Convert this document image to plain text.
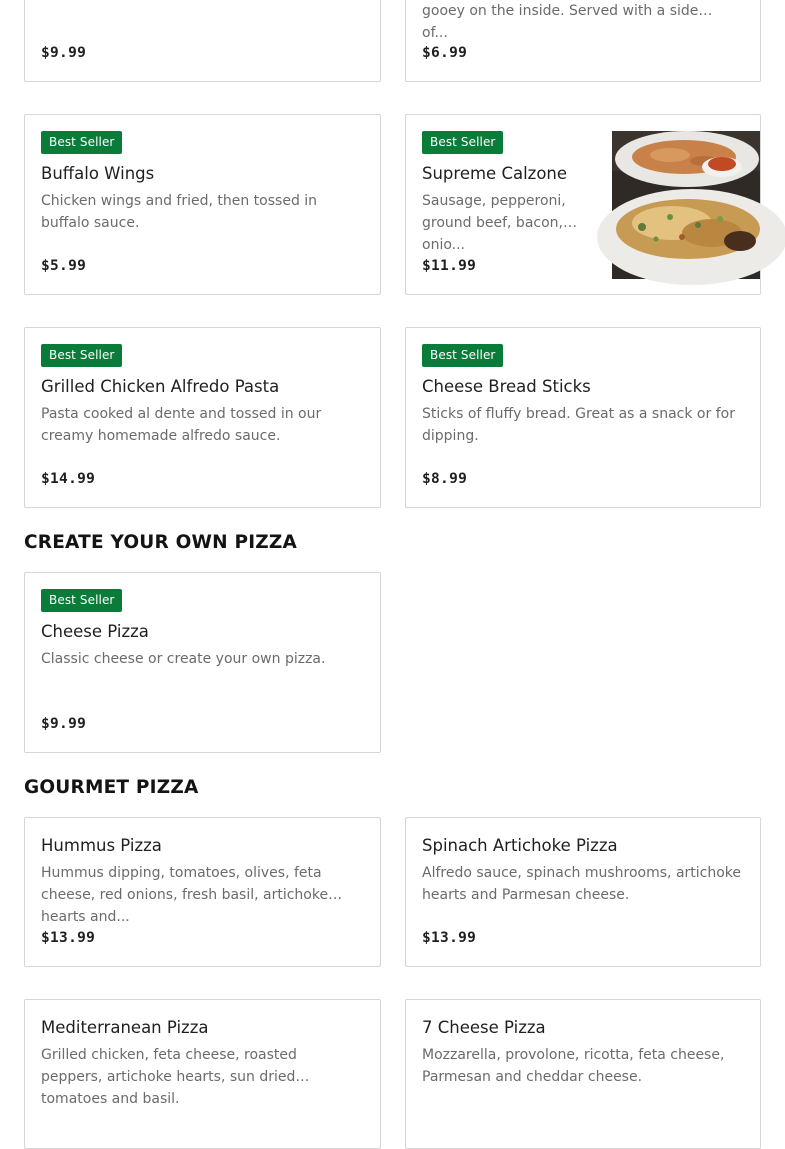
$9.99
gooey on the inside. Served with a side of...
$6.99
Best Seller
Buffalo Wings
Chicken wings and fried, then tossed in buffalo sauce.
$5.99
Best Seller
Supreme Calzone
Sausage, pepperoni, ground beef, bacon, onio...
$11.99
Best Seller
Grilled Chicken Alfredo Pasta
Pasta cooked al dente and tossed in our creamy homemade alfredo sauce.
$14.99
Best Seller
Cheese Bread Sticks
Sticks of fluffy bread. Great as a snack or for dipping.
$8.99
CREATE YOUR OWN PIZZA
Best Seller
Cheese Pizza
Classic cheese or create your own pizza.
$9.99
GOURMET PIZZA
Hummus Pizza
Hummus dipping, tomatoes, olives, feta cheese, red onions, fresh basil, artichoke hearts and...
$13.99
Spinach Artichoke Pizza
Alfredo sauce, spinach mushrooms, artichoke hearts and Parmesan cheese.
$13.99
Mediterranean Pizza
Grilled chicken, feta cheese, roasted peppers, artichoke hearts, sun dried tomatoes and basil.
7 Cheese Pizza
Mozzarella, provolone, ricotta, feta cheese, Parmesan and cheddar cheese.
